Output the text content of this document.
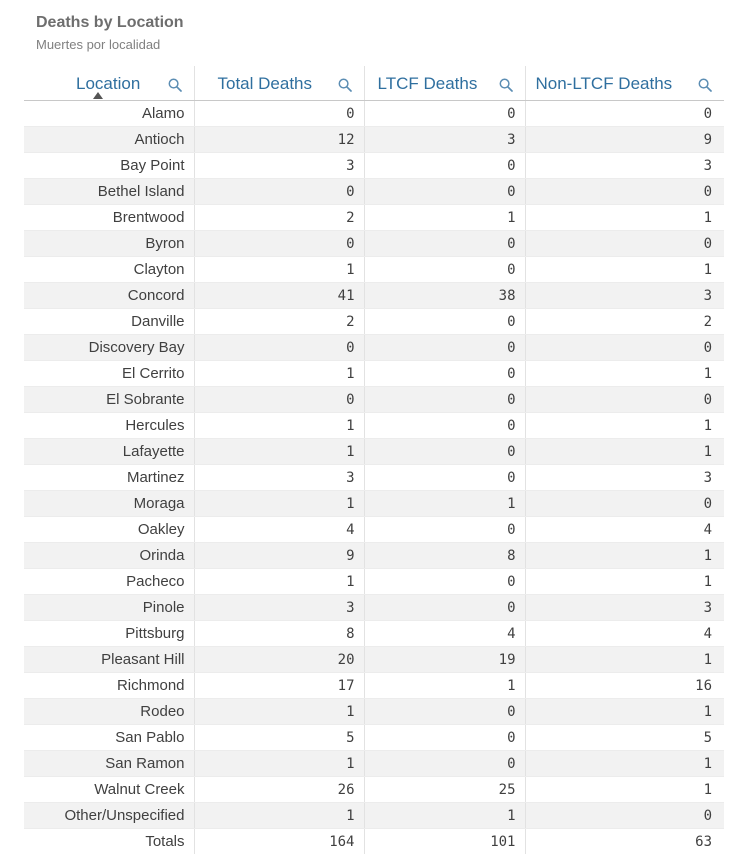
Deaths by Location
Muertes por localidad
Location	Total Deaths	LTCF Deaths	Non-LTCF Deaths

Alamo	0	0	0
Antioch	12	3	9
Bay Point	3	0	3
Bethel Island	0	0	0
Brentwood	2	1	1
Byron	0	0	0
Clayton	1	0	1
Concord	41	38	3
Danville	2	0	2
Discovery Bay	0	0	0
El Cerrito	1	0	1
El Sobrante	0	0	0
Hercules	1	0	1
Lafayette	1	0	1
Martinez	3	0	3
Moraga	1	1	0
Oakley	4	0	4
Orinda	9	8	1
Pacheco	1	0	1
Pinole	3	0	3
Pittsburg	8	4	4
Pleasant Hill	20	19	1
Richmond	17	1	16
Rodeo	1	0	1
San Pablo	5	0	5
San Ramon	1	0	1
Walnut Creek	26	25	1
Other/Unspecified	1	1	0
Totals	164	101	63
